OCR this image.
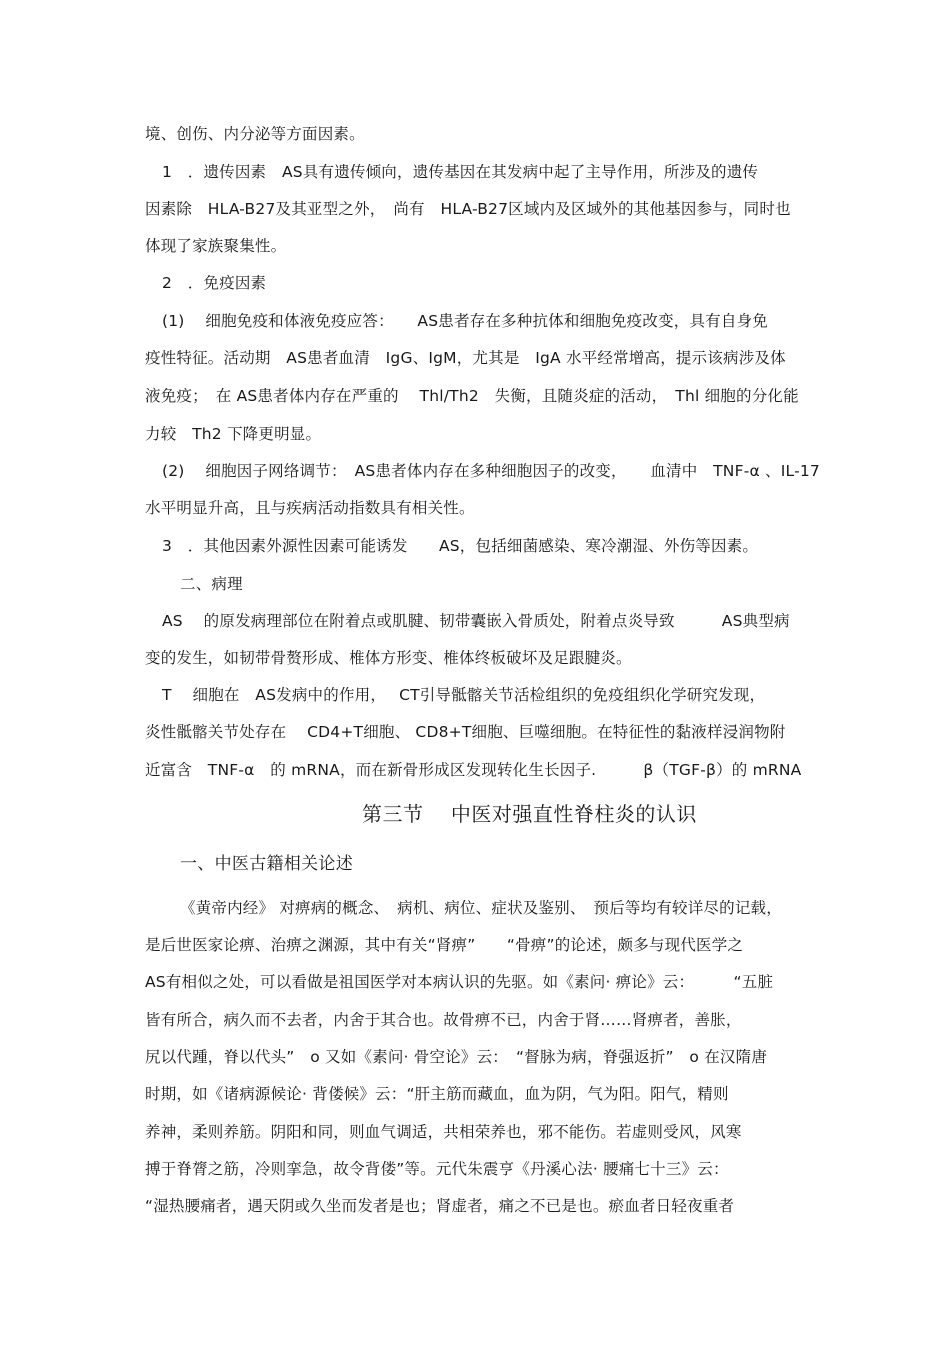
境、创伤、内分泌等方面因素。
1　．遗传因素　AS具有遗传倾向，遗传基因在其发病中起了主导作用，所涉及的遗传
因素除　HLA-B27及其亚型之外，　尚有　HLA-B27区域内及区域外的其他基因参与，同时也
体现了家族聚集性。
2　．免疫因素
(1)　 细胞免疫和体液免疫应答：　　AS患者存在多种抗体和细胞免疫改变，具有自身免
疫性特征。活动期　AS患者血清　IgG、IgM，尤其是　IgA 水平经常增高，提示该病涉及体
液免疫；　在 AS患者体内存在严重的　 Thl/Th2　失衡，且随炎症的活动，　Thl 细胞的分化能
力较　Th2 下降更明显。
(2)　 细胞因子网络调节：　AS患者体内存在多种细胞因子的改变，　　血清中　TNF-α 、IL-17
水平明显升高，且与疾病活动指数具有相关性。
3　．其他因素外源性因素可能诱发　　AS，包括细菌感染、寒冷潮湿、外伤等因素。
二、病理
AS　 的原发病理部位在附着点或肌腱、韧带囊嵌入骨质处，附着点炎导致　　　AS典型病
变的发生，如韧带骨赘形成、椎体方形变、椎体终板破坏及足跟腱炎。
T　 细胞在　AS发病中的作用，　 CT引导骶髂关节活检组织的免疫组织化学研究发现，
炎性骶髂关节处存在　 CD4+T细胞、 CD8+T细胞、巨噬细胞。在特征性的黏液样浸润物附
近富含　TNF-α　的 mRNA，而在新骨形成区发现转化生长因子.　　　β（TGF-β）的 mRNA
第三节　 中医对强直性脊柱炎的认识
一、中医古籍相关论述
《黄帝内经》 对痹病的概念、　病机、病位、症状及鉴别、　预后等均有较详尽的记载，
是后世医家论痹、治痹之渊源，其中有关“肾痹”　　“骨痹”的论述，颇多与现代医学之
AS有相似之处，可以看做是祖国医学对本病认识的先驱。如《素问· 痹论》云：　　　“五脏
皆有所合，病久而不去者，内舍于其合也。故骨痹不已，内舍于肾……肾痹者，善胀，
尻以代踵，脊以代头”　o 又如《素问· 骨空论》云：　“督脉为病，脊强返折”　o 在汉隋唐
时期，如《诸病源候论· 背偻候》云：“肝主筋而藏血，血为阴，气为阳。阳气，精则
养神，柔则养筋。阴阳和同，则血气调适，共相荣养也，邪不能伤。若虚则受风，风寒
搏于脊膂之筋，冷则挛急，故令背偻”等。元代朱震亨《丹溪心法· 腰痛七十三》云：
“湿热腰痛者，遇天阴或久坐而发者是也；肾虚者，痛之不已是也。瘀血者日轻夜重者
